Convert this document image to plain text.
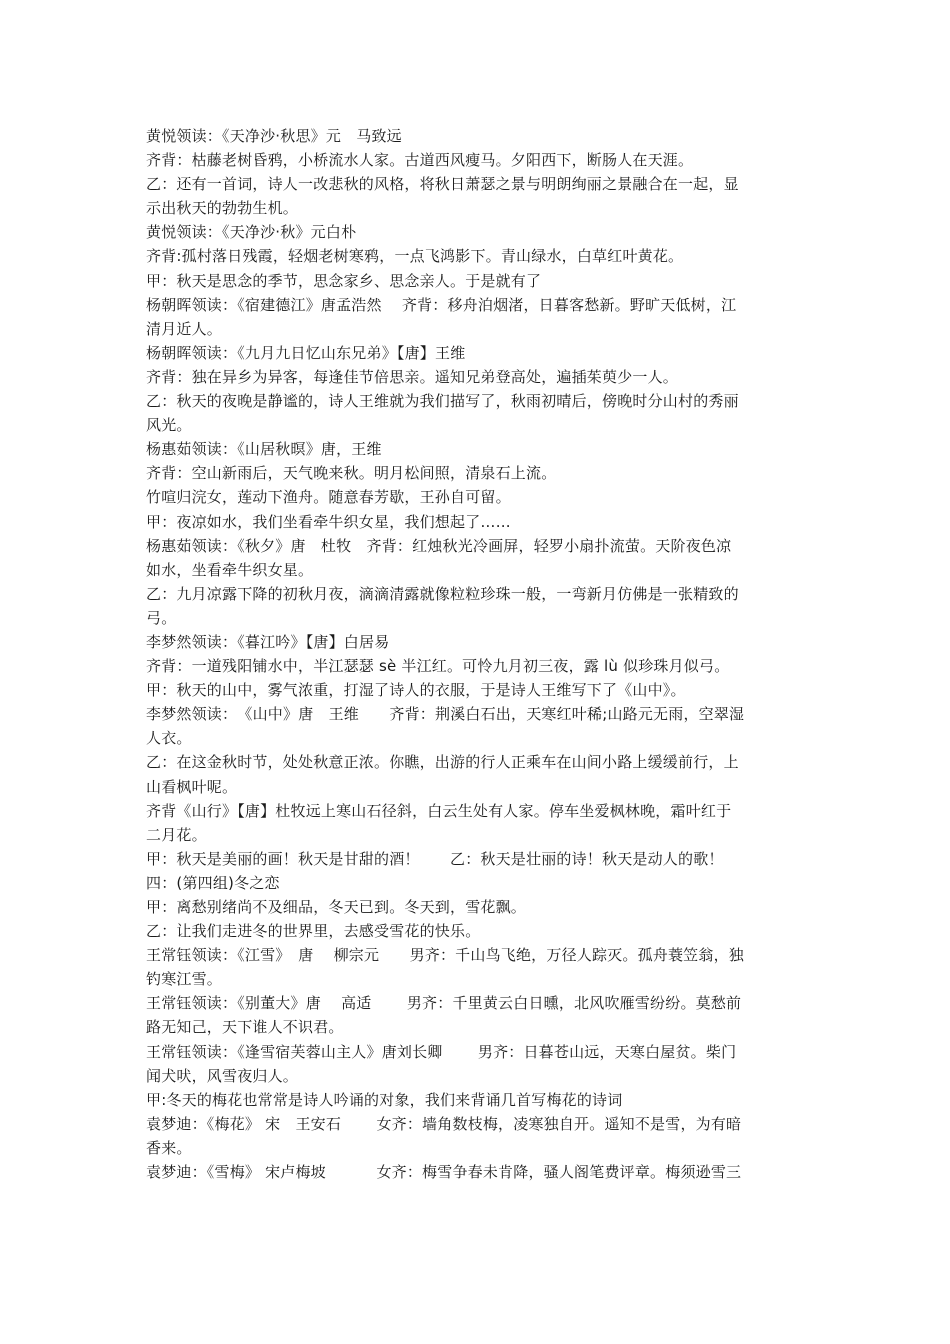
黄悦领读：《天净沙·秋思》元　马致远
齐背：枯藤老树昏鸦，小桥流水人家。古道西风瘦马。夕阳西下，断肠人在天涯。
乙：还有一首词，诗人一改悲秋的风格，将秋日萧瑟之景与明朗绚丽之景融合在一起，显
示出秋天的勃勃生机。
黄悦领读：《天净沙·秋》元白朴
齐背:孤村落日残霞，轻烟老树寒鸦，一点飞鸿影下。青山绿水，白草红叶黄花。
甲：秋天是思念的季节，思念家乡、思念亲人。于是就有了
杨朝晖领读：《宿建德江》唐孟浩然　 齐背：移舟泊烟渚，日暮客愁新。野旷天低树，江
清月近人。
杨朝晖领读：《九月九日忆山东兄弟》【唐】王维
齐背：独在异乡为异客，每逢佳节倍思亲。遥知兄弟登高处，遍插茱萸少一人。
乙：秋天的夜晚是静谧的，诗人王维就为我们描写了，秋雨初晴后，傍晚时分山村的秀丽
风光。
杨惠茹领读：《山居秋暝》唐，王维
齐背：空山新雨后，天气晚来秋。明月松间照，清泉石上流。
竹喧归浣女，莲动下渔舟。随意春芳歇，王孙自可留。
甲：夜凉如水，我们坐看牵牛织女星，我们想起了……
杨惠茹领读：《秋夕》唐　杜牧　齐背：红烛秋光冷画屏，轻罗小扇扑流萤。天阶夜色凉
如水，坐看牵牛织女星。
乙：九月凉露下降的初秋月夜，滴滴清露就像粒粒珍珠一般，一弯新月仿佛是一张精致的
弓。
李梦然领读：《暮江吟》【唐】白居易
齐背：一道残阳铺水中，半江瑟瑟 sè 半江红。可怜九月初三夜，露 lù 似珍珠月似弓。
甲：秋天的山中，雾气浓重，打湿了诗人的衣服，于是诗人王维写下了《山中》。
李梦然领读：　《山中》唐　王维　　齐背：荆溪白石出，天寒红叶稀;山路元无雨，空翠湿
人衣。
乙：在这金秋时节，处处秋意正浓。你瞧，出游的行人正乘车在山间小路上缓缓前行，上
山看枫叶呢。
齐背《山行》【唐】杜牧远上寒山石径斜，白云生处有人家。停车坐爱枫林晚，霜叶红于
二月花。
甲：秋天是美丽的画！秋天是甘甜的酒！　　乙：秋天是壮丽的诗！秋天是动人的歌！
四：(第四组)冬之恋
甲：离愁别绪尚不及细品，冬天已到。冬天到，雪花飘。
乙：让我们走进冬的世界里，去感受雪花的快乐。
王常钰领读：《江雪》　唐　 柳宗元　　男齐：千山鸟飞绝，万径人踪灭。孤舟蓑笠翁，独
钓寒江雪。
王常钰领读：《别董大》唐　 高适　　 男齐：千里黄云白日曛，北风吹雁雪纷纷。莫愁前
路无知己，天下谁人不识君。
王常钰领读：《逢雪宿芙蓉山主人》唐刘长卿　　 男齐：日暮苍山远，天寒白屋贫。柴门
闻犬吠，风雪夜归人。
甲:冬天的梅花也常常是诗人吟诵的对象，我们来背诵几首写梅花的诗词
袁梦迪：《梅花》 宋　王安石　　 女齐：墙角数枝梅，凌寒独自开。遥知不是雪，为有暗
香来。
袁梦迪：《雪梅》 宋卢梅坡　　　 女齐：梅雪争春未肯降，骚人阁笔费评章。梅须逊雪三
